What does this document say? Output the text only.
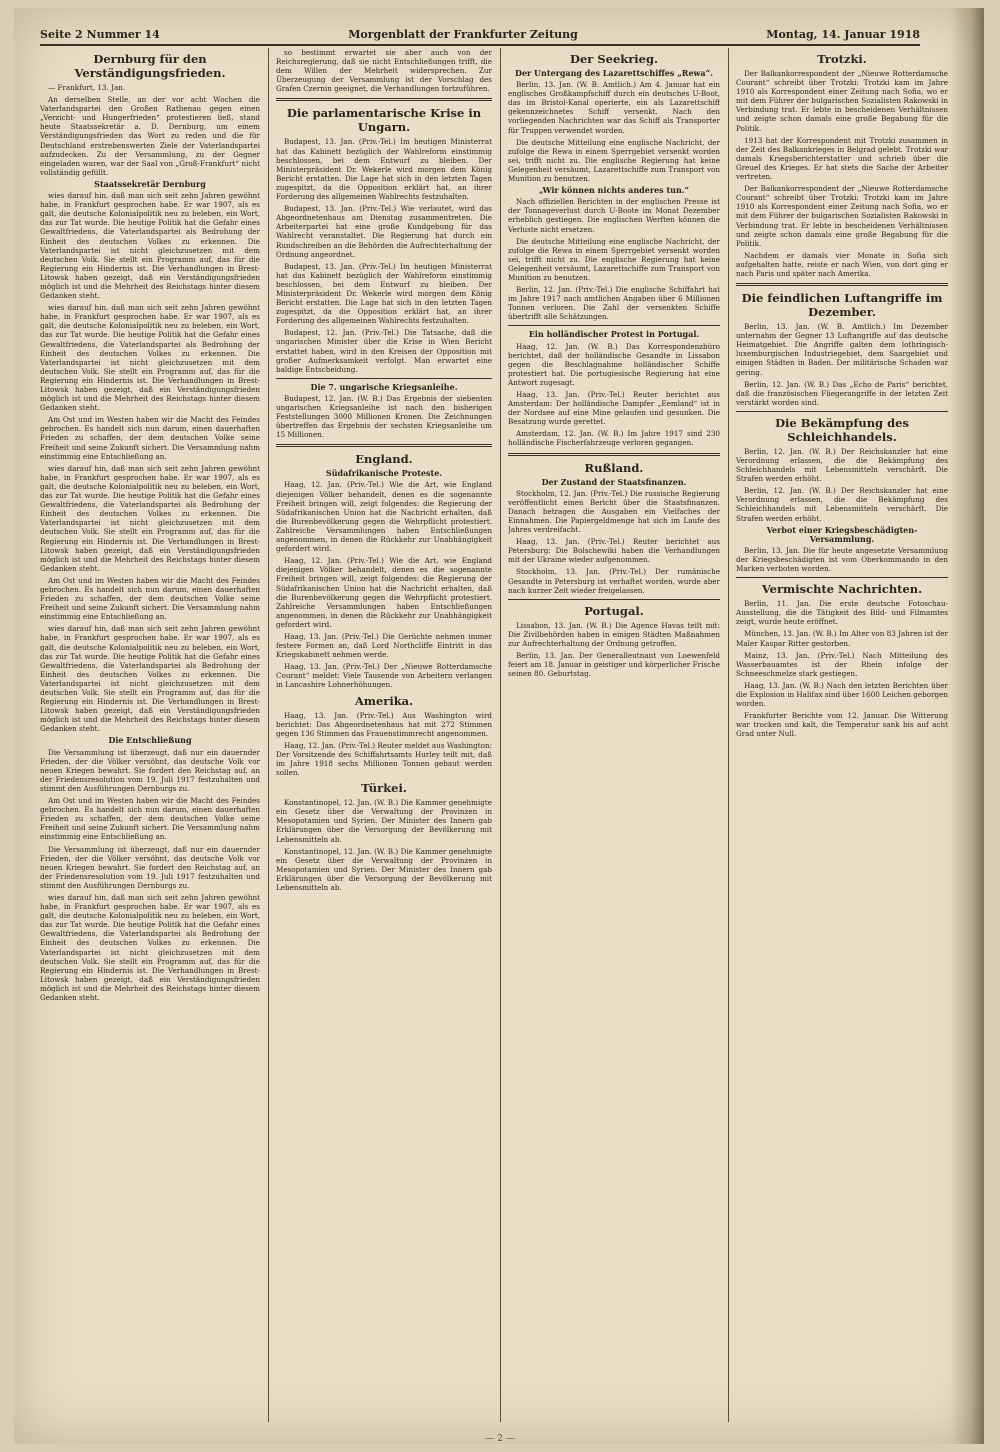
Seite 2 Nummer 14	Morgenblatt der Frankfurter Zeitung	Montag, 14. Januar 1918
Dernburg für den Verständigungsfrieden.

— Frankfurt, 13. Jan.

An derselben Stelle, an der vor acht Wochen die Vaterlandspartei den Großen Rathenau gegen einen „Verzicht- und Hungerfrieden“ protestieren ließ, stand heute Staatssekretär a. D. Dernburg, um einem Verständigungsfrieden das Wort zu reden und die für Deutschland erstrebenswerten Ziele der Vaterlandspartei aufzudecken. Zu der Versammlung, zu der Gegner eingeladen waren, war der Saal von „Groß-Frankfurt“ nicht vollständig gefüllt.

Staatssekretär Dernburg

wies darauf hin, daß man sich seit zehn Jahren gewöhnt habe, in Frankfurt gesprochen habe. Er war 1907, als es galt, die deutsche Kolonialpolitik neu zu beleben, ein Wort, das zur Tat wurde. Die heutige Politik hat die Gefahr eines Gewaltfriedens, die Vaterlandspartei als Bedrohung der Einheit des deutschen Volkes zu erkennen. Die Vaterlandspartei ist nicht gleichzusetzen mit dem deutschen Volk. Sie stellt ein Programm auf, das für die Regierung ein Hindernis ist. Die Verhandlungen in Brest-Litowsk haben gezeigt, daß ein Verständigungsfrieden möglich ist und die Mehrheit des Reichstags hinter diesem Gedanken steht.

wies darauf hin, daß man sich seit zehn Jahren gewöhnt habe, in Frankfurt gesprochen habe. Er war 1907, als es galt, die deutsche Kolonialpolitik neu zu beleben, ein Wort, das zur Tat wurde. Die heutige Politik hat die Gefahr eines Gewaltfriedens, die Vaterlandspartei als Bedrohung der Einheit des deutschen Volkes zu erkennen. Die Vaterlandspartei ist nicht gleichzusetzen mit dem deutschen Volk. Sie stellt ein Programm auf, das für die Regierung ein Hindernis ist. Die Verhandlungen in Brest-Litowsk haben gezeigt, daß ein Verständigungsfrieden möglich ist und die Mehrheit des Reichstags hinter diesem Gedanken steht.

Am Ost und im Westen haben wir die Macht des Feindes gebrochen. Es handelt sich nun darum, einen dauerhaften Frieden zu schaffen, der dem deutschen Volke seine Freiheit und seine Zukunft sichert. Die Versammlung nahm einstimmig eine Entschließung an.

wies darauf hin, daß man sich seit zehn Jahren gewöhnt habe, in Frankfurt gesprochen habe. Er war 1907, als es galt, die deutsche Kolonialpolitik neu zu beleben, ein Wort, das zur Tat wurde. Die heutige Politik hat die Gefahr eines Gewaltfriedens, die Vaterlandspartei als Bedrohung der Einheit des deutschen Volkes zu erkennen. Die Vaterlandspartei ist nicht gleichzusetzen mit dem deutschen Volk. Sie stellt ein Programm auf, das für die Regierung ein Hindernis ist. Die Verhandlungen in Brest-Litowsk haben gezeigt, daß ein Verständigungsfrieden möglich ist und die Mehrheit des Reichstags hinter diesem Gedanken steht.

Am Ost und im Westen haben wir die Macht des Feindes gebrochen. Es handelt sich nun darum, einen dauerhaften Frieden zu schaffen, der dem deutschen Volke seine Freiheit und seine Zukunft sichert. Die Versammlung nahm einstimmig eine Entschließung an.

wies darauf hin, daß man sich seit zehn Jahren gewöhnt habe, in Frankfurt gesprochen habe. Er war 1907, als es galt, die deutsche Kolonialpolitik neu zu beleben, ein Wort, das zur Tat wurde. Die heutige Politik hat die Gefahr eines Gewaltfriedens, die Vaterlandspartei als Bedrohung der Einheit des deutschen Volkes zu erkennen. Die Vaterlandspartei ist nicht gleichzusetzen mit dem deutschen Volk. Sie stellt ein Programm auf, das für die Regierung ein Hindernis ist. Die Verhandlungen in Brest-Litowsk haben gezeigt, daß ein Verständigungsfrieden möglich ist und die Mehrheit des Reichstags hinter diesem Gedanken steht.

Die Entschließung

Die Versammlung ist überzeugt, daß nur ein dauernder Frieden, der die Völker versöhnt, das deutsche Volk vor neuen Kriegen bewahrt. Sie fordert den Reichstag auf, an der Friedensresolution vom 19. Juli 1917 festzuhalten und stimmt den Ausführungen Dernburgs zu.

Am Ost und im Westen haben wir die Macht des Feindes gebrochen. Es handelt sich nun darum, einen dauerhaften Frieden zu schaffen, der dem deutschen Volke seine Freiheit und seine Zukunft sichert. Die Versammlung nahm einstimmig eine Entschließung an.

Die Versammlung ist überzeugt, daß nur ein dauernder Frieden, der die Völker versöhnt, das deutsche Volk vor neuen Kriegen bewahrt. Sie fordert den Reichstag auf, an der Friedensresolution vom 19. Juli 1917 festzuhalten und stimmt den Ausführungen Dernburgs zu.

wies darauf hin, daß man sich seit zehn Jahren gewöhnt habe, in Frankfurt gesprochen habe. Er war 1907, als es galt, die deutsche Kolonialpolitik neu zu beleben, ein Wort, das zur Tat wurde. Die heutige Politik hat die Gefahr eines Gewaltfriedens, die Vaterlandspartei als Bedrohung der Einheit des deutschen Volkes zu erkennen. Die Vaterlandspartei ist nicht gleichzusetzen mit dem deutschen Volk. Sie stellt ein Programm auf, das für die Regierung ein Hindernis ist. Die Verhandlungen in Brest-Litowsk haben gezeigt, daß ein Verständigungsfrieden möglich ist und die Mehrheit des Reichstags hinter diesem Gedanken steht.

so bestimmt erwartet sie aber auch von der Reichsregierung, daß sie nicht Entschließungen trifft, die dem Willen der Mehrheit widersprechen. Zur Überzeugung der Versammlung ist der Vorschlag des Grafen Czernin geeignet, die Verhandlungen fortzuführen.

Die parlamentarische Krise in Ungarn.

Budapest, 13. Jan. (Priv.-Tel.) Im heutigen Ministerrat hat das Kabinett bezüglich der Wahlreform einstimmig beschlossen, bei dem Entwurf zu bleiben. Der Ministerpräsident Dr. Wekerle wird morgen dem König Bericht erstatten. Die Lage hat sich in den letzten Tagen zugespitzt, da die Opposition erklärt hat, an ihrer Forderung des allgemeinen Wahlrechts festzuhalten.

Budapest, 13. Jan. (Priv.-Tel.) Wie verlautet, wird das Abgeordnetenhaus am Dienstag zusammentreten. Die Arbeiterpartei hat eine große Kundgebung für das Wahlrecht veranstaltet. Die Regierung hat durch ein Rundschreiben an die Behörden die Aufrechterhaltung der Ordnung angeordnet.

Budapest, 13. Jan. (Priv.-Tel.) Im heutigen Ministerrat hat das Kabinett bezüglich der Wahlreform einstimmig beschlossen, bei dem Entwurf zu bleiben. Der Ministerpräsident Dr. Wekerle wird morgen dem König Bericht erstatten. Die Lage hat sich in den letzten Tagen zugespitzt, da die Opposition erklärt hat, an ihrer Forderung des allgemeinen Wahlrechts festzuhalten.

Budapest, 12. Jan. (Priv.-Tel.) Die Tatsache, daß die ungarischen Minister über die Krise in Wien Bericht erstattet haben, wird in den Kreisen der Opposition mit großer Aufmerksamkeit verfolgt. Man erwartet eine baldige Entscheidung.

Die 7. ungarische Kriegsanleihe.

Budapest, 12. Jan. (W. B.) Das Ergebnis der siebenten ungarischen Kriegsanleihe ist nach den bisherigen Feststellungen 3000 Millionen Kronen. Die Zeichnungen übertreffen das Ergebnis der sechsten Kriegsanleihe um 15 Millionen.

England.
Südafrikanische Proteste.

Haag, 12. Jan. (Priv.-Tel.) Wie die Art, wie England diejenigen Völker behandelt, denen es die sogenannte Freiheit bringen will, zeigt folgendes: die Regierung der Südafrikanischen Union hat die Nachricht erhalten, daß die Burenbevölkerung gegen die Wehrpflicht protestiert. Zahlreiche Versammlungen haben Entschließungen angenommen, in denen die Rückkehr zur Unabhängigkeit gefordert wird.

Haag, 12. Jan. (Priv.-Tel.) Wie die Art, wie England diejenigen Völker behandelt, denen es die sogenannte Freiheit bringen will, zeigt folgendes: die Regierung der Südafrikanischen Union hat die Nachricht erhalten, daß die Burenbevölkerung gegen die Wehrpflicht protestiert. Zahlreiche Versammlungen haben Entschließungen angenommen, in denen die Rückkehr zur Unabhängigkeit gefordert wird.

Haag, 13. Jan. (Priv.-Tel.) Die Gerüchte nehmen immer festere Formen an, daß Lord Northcliffe Eintritt in das Kriegskabinett nehmen werde.

Haag, 13. Jan. (Priv.-Tel.) Der „Nieuwe Rotterdamsche Courant“ meldet: Viele Tausende von Arbeitern verlangen in Lancashire Lohnerhöhungen.

Amerika.

Haag, 13. Jan. (Priv.-Tel.) Aus Washington wird berichtet: Das Abgeordnetenhaus hat mit 272 Stimmen gegen 136 Stimmen das Frauenstimmrecht angenommen.

Haag, 12. Jan. (Priv.-Tel.) Reuter meldet aus Washington: Der Vorsitzende des Schiffahrtsamts Hurley teilt mit, daß im Jahre 1918 sechs Millionen Tonnen gebaut werden sollen.

Türkei.

Konstantinopel, 12. Jan. (W. B.) Die Kammer genehmigte ein Gesetz über die Verwaltung der Provinzen in Mesopotamien und Syrien. Der Minister des Innern gab Erklärungen über die Versorgung der Bevölkerung mit Lebensmitteln ab.

Konstantinopel, 12. Jan. (W. B.) Die Kammer genehmigte ein Gesetz über die Verwaltung der Provinzen in Mesopotamien und Syrien. Der Minister des Innern gab Erklärungen über die Versorgung der Bevölkerung mit Lebensmitteln ab.

Der Seekrieg.
Der Untergang des Lazarettschiffes „Rewa“.

Berlin, 13. Jan. (W. B. Amtlich.) Am 4. Januar hat ein englisches Großkampfschiff durch ein deutsches U-Boot, das im Bristol-Kanal operierte, ein als Lazarettschiff gekennzeichnetes Schiff versenkt. Nach den vorliegenden Nachrichten war das Schiff als Transporter für Truppen verwendet worden.

Die deutsche Mitteilung eine englische Nachricht, der zufolge die Rewa in einem Sperrgebiet versenkt worden sei, trifft nicht zu. Die englische Regierung hat keine Gelegenheit versäumt, Lazarettschiffe zum Transport von Munition zu benutzen.

„Wir können nichts anderes tun.“

Nach offiziellen Berichten in der englischen Presse ist der Tonnageverlust durch U-Boote im Monat Dezember erheblich gestiegen. Die englischen Werften können die Verluste nicht ersetzen.

Die deutsche Mitteilung eine englische Nachricht, der zufolge die Rewa in einem Sperrgebiet versenkt worden sei, trifft nicht zu. Die englische Regierung hat keine Gelegenheit versäumt, Lazarettschiffe zum Transport von Munition zu benutzen.

Berlin, 12. Jan. (Priv.-Tel.) Die englische Schiffahrt hat im Jahre 1917 nach amtlichen Angaben über 6 Millionen Tonnen verloren. Die Zahl der versenkten Schiffe übertrifft alle Schätzungen.

Ein holländischer Protest in Portugal.

Haag, 12. Jan. (W. B.) Das Korrespondenzbüro berichtet, daß der holländische Gesandte in Lissabon gegen die Beschlagnahme holländischer Schiffe protestiert hat. Die portugiesische Regierung hat eine Antwort zugesagt.

Haag, 13. Jan. (Priv.-Tel.) Reuter berichtet aus Amsterdam: Der holländische Dampfer „Eemland“ ist in der Nordsee auf eine Mine gelaufen und gesunken. Die Besatzung wurde gerettet.

Amsterdam, 12. Jan. (W. B.) Im Jahre 1917 sind 230 holländische Fischerfahrzeuge verloren gegangen.

Rußland.
Der Zustand der Staatsfinanzen.

Stockholm, 12. Jan. (Priv.-Tel.) Die russische Regierung veröffentlicht einen Bericht über die Staatsfinanzen. Danach betragen die Ausgaben ein Vielfaches der Einnahmen. Die Papiergeldmenge hat sich im Laufe des Jahres verdreifacht.

Haag, 13. Jan. (Priv.-Tel.) Reuter berichtet aus Petersburg: Die Bolschewiki haben die Verhandlungen mit der Ukraine wieder aufgenommen.

Stockholm, 13. Jan. (Priv.-Tel.) Der rumänische Gesandte in Petersburg ist verhaftet worden, wurde aber nach kurzer Zeit wieder freigelassen.

Portugal.

Lissabon, 13. Jan. (W. B.) Die Agence Havas teilt mit: Die Zivilbehörden haben in einigen Städten Maßnahmen zur Aufrechterhaltung der Ordnung getroffen.

Berlin, 13. Jan. Der Generalleutnant von Loewenfeld feiert am 18. Januar in geistiger und körperlicher Frische seinen 80. Geburtstag.

Trotzki.

Der Balkankorrespondent der „Nieuwe Rotterdamsche Courant“ schreibt über Trotzki: Trotzki kam im Jahre 1910 als Korrespondent einer Zeitung nach Sofia, wo er mit dem Führer der bulgarischen Sozialisten Rakowski in Verbindung trat. Er lebte in bescheidenen Verhältnissen und zeigte schon damals eine große Begabung für die Politik.

1913 hat der Korrespondent mit Trotzki zusammen in der Zeit des Balkankrieges in Belgrad gelebt. Trotzki war damals Kriegsberichterstatter und schrieb über die Greuel des Krieges. Er hat stets die Sache der Arbeiter vertreten.

Der Balkankorrespondent der „Nieuwe Rotterdamsche Courant“ schreibt über Trotzki: Trotzki kam im Jahre 1910 als Korrespondent einer Zeitung nach Sofia, wo er mit dem Führer der bulgarischen Sozialisten Rakowski in Verbindung trat. Er lebte in bescheidenen Verhältnissen und zeigte schon damals eine große Begabung für die Politik.

Nachdem er damals vier Monate in Sofia sich aufgehalten hatte, reiste er nach Wien, von dort ging er nach Paris und später nach Amerika.

Die feindlichen Luftangriffe im Dezember.

Berlin, 13. Jan. (W. B. Amtlich.) Im Dezember unternahm der Gegner 13 Luftangriffe auf das deutsche Heimatgebiet. Die Angriffe galten dem lothringisch-luxemburgischen Industriegebiet, dem Saargebiet und einigen Städten in Baden. Der militärische Schaden war gering.

Berlin, 12. Jan. (W. B.) Das „Echo de Paris“ berichtet, daß die französischen Fliegerangriffe in der letzten Zeit verstärkt worden sind.

Die Bekämpfung des Schleichhandels.

Berlin, 12. Jan. (W. B.) Der Reichskanzler hat eine Verordnung erlassen, die die Bekämpfung des Schleichhandels mit Lebensmitteln verschärft. Die Strafen werden erhöht.

Berlin, 12. Jan. (W. B.) Der Reichskanzler hat eine Verordnung erlassen, die die Bekämpfung des Schleichhandels mit Lebensmitteln verschärft. Die Strafen werden erhöht.

Verbot einer Kriegsbeschädigten-Versammlung.

Berlin, 13. Jan. Die für heute angesetzte Versammlung der Kriegsbeschädigten ist vom Oberkommando in den Marken verboten worden.

Vermischte Nachrichten.

Berlin, 11. Jan. Die erste deutsche Fotoschau-Ausstellung, die die Tätigkeit des Bild- und Filmamtes zeigt, wurde heute eröffnet.

München, 13. Jan. (W. B.) Im Alter von 83 Jahren ist der Maler Kaspar Ritter gestorben.

Mainz, 13. Jan. (Priv.-Tel.) Nach Mitteilung des Wasserbauamtes ist der Rhein infolge der Schneeschmelze stark gestiegen.

Haag, 13. Jan. (W. B.) Nach den letzten Berichten über die Explosion in Halifax sind über 1600 Leichen geborgen worden.

Frankfurter Berichte vom 12. Januar. Die Witterung war trocken und kalt, die Temperatur sank bis auf acht Grad unter Null.

— 2 —
